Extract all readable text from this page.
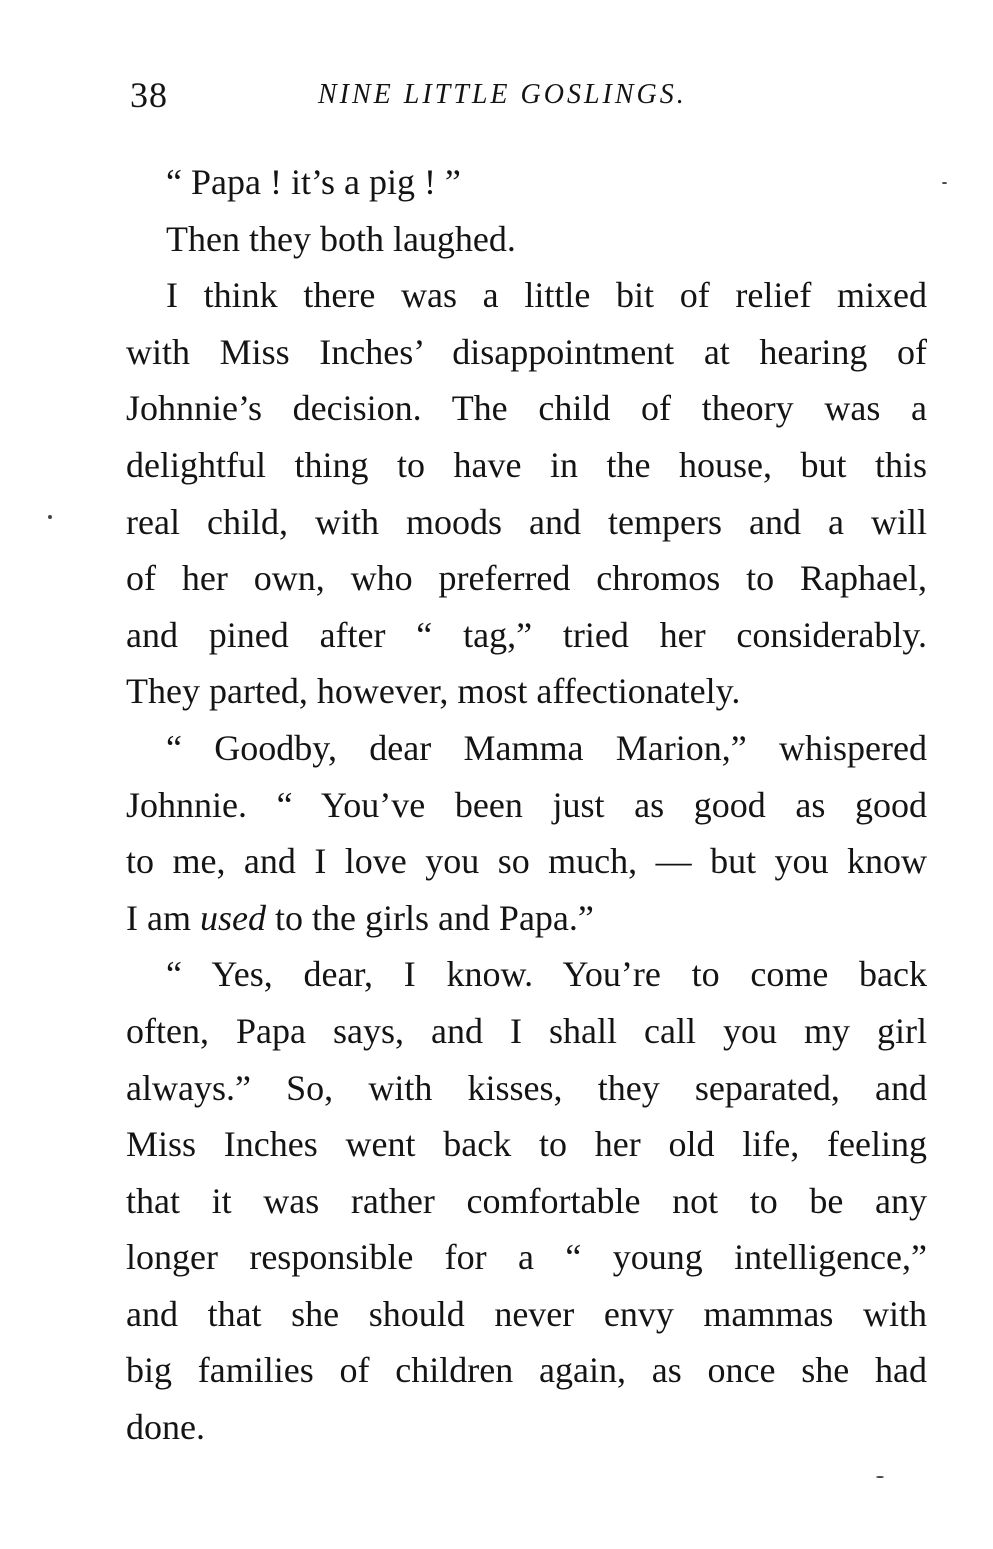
38	NINE LITTLE GOSLINGS.
“ Papa ! it’s a pig ! ”
Then they both laughed.
I think there was a little bit of relief mixed
with Miss Inches’ disappointment at hearing of
Johnnie’s decision. The child of theory was a
delightful thing to have in the house, but this
real child, with moods and tempers and a will
of her own, who preferred chromos to Raphael,
and pined after “ tag,” tried her considerably.
They parted, however, most affectionately.
“ Goodby, dear Mamma Marion,” whispered
Johnnie. “ You’ve been just as good as good
to me, and I love you so much, — but you know
I am used to the girls and Papa.”
“ Yes, dear, I know. You’re to come back
often, Papa says, and I shall call you my girl
always.” So, with kisses, they separated, and
Miss Inches went back to her old life, feeling
that it was rather comfortable not to be any
longer responsible for a “ young intelligence,”
and that she should never envy mammas with
big families of children again, as once she had
done.
